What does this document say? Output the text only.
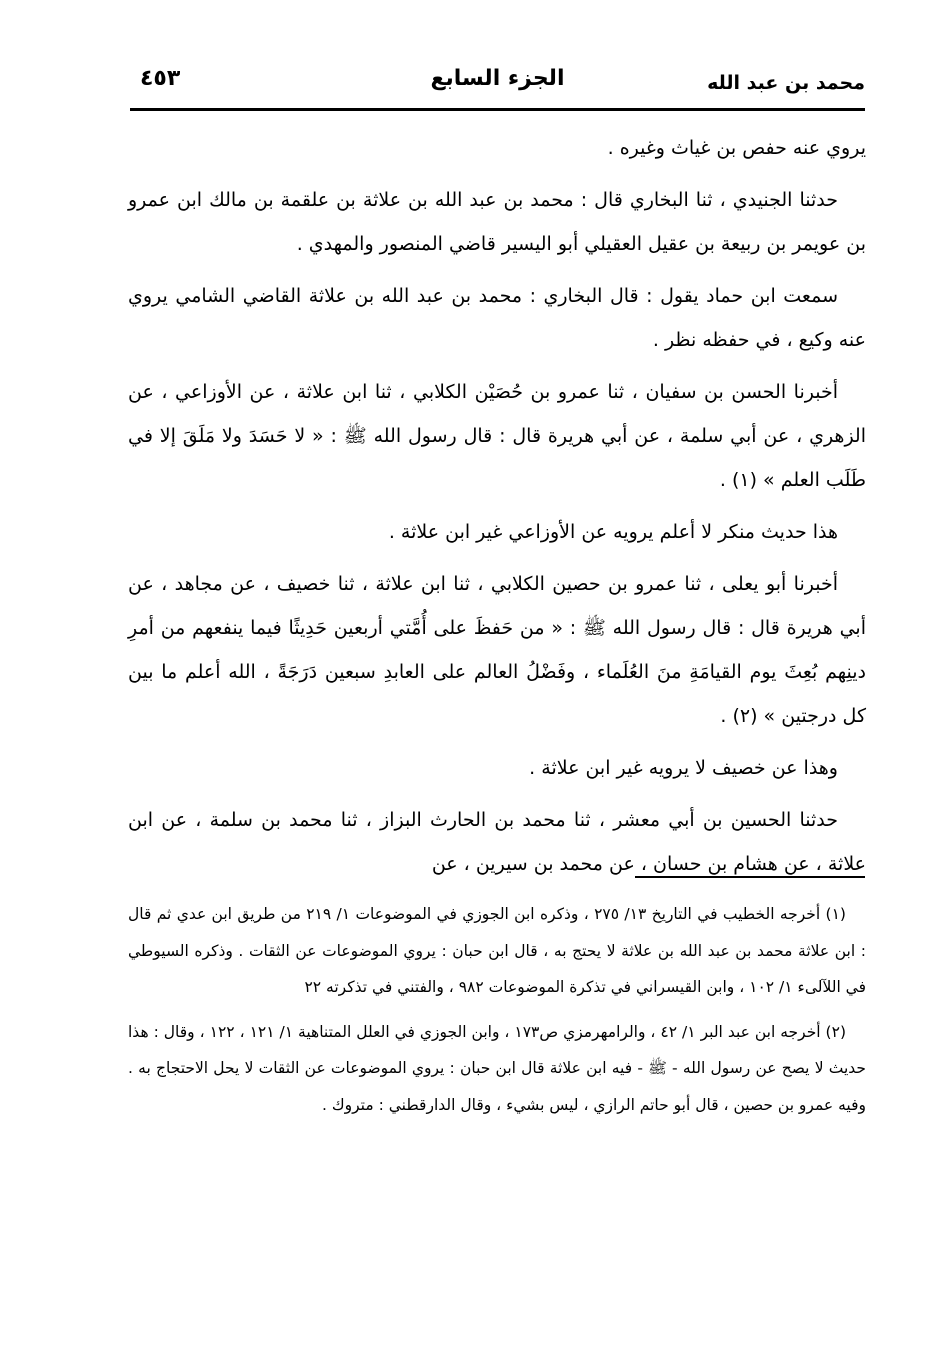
محمد بن عبد الله
الجزء السابع
٤٥٣

يروي عنه حفص بن غياث وغيره .

حدثنا الجنيدي ، ثنا البخاري قال : محمد بن عبد الله بن علاثة بن علقمة بن مالك ابن عمرو بن عويمر بن ربيعة بن عقيل العقيلي أبو اليسير قاضي المنصور والمهدي .

سمعت ابن حماد يقول : قال البخاري : محمد بن عبد الله بن علاثة القاضي الشامي يروي عنه وكيع ، في حفظه نظر .

أخبرنا الحسن بن سفيان ، ثنا عمرو بن حُصَيْن الكلابي ، ثنا ابن علاثة ، عن الأوزاعي ، عن الزهري ، عن أبي سلمة ، عن أبي هريرة قال : قال رسول الله ﷺ : « لا حَسَدَ ولا مَلَقَ إلا في طَلَب العلم » (١) .

هذا حديث منكر لا أعلم يرويه عن الأوزاعي غير ابن علاثة .

أخبرنا أبو يعلى ، ثنا عمرو بن حصين الكلابي ، ثنا ابن علاثة ، ثنا خصيف ، عن مجاهد ، عن أبي هريرة قال : قال رسول الله ﷺ : « من حَفظَ على أُمَّتي أربعين حَدِيثًا فيما ينفعهم من أمرِ دينِهم بُعِثَ يوم القيامَةِ منَ العُلَماء ، وفَضْلُ العالم على العابدِ سبعين دَرَجَةً ، الله أعلم ما بين كل درجتين » (٢) .

وهذا عن خصيف لا يرويه غير ابن علاثة .

حدثنا الحسين بن أبي معشر ، ثنا محمد بن الحارث البزاز ، ثنا محمد بن سلمة ، عن ابن علاثة ، عن هشام بن حسان ، عن محمد بن سيرين ، عن

(١) أخرجه الخطيب في التاريخ ١٣/ ٢٧٥ ، وذكره ابن الجوزي في الموضوعات ١/ ٢١٩ من طريق ابن عدي ثم قال : ابن علاثة محمد بن عبد الله بن علاثة لا يحتج به ، قال ابن حبان : يروي الموضوعات عن الثقات . وذكره السيوطي في اللآلىء ١/ ١٠٢ ، وابن القيسراني في تذكرة الموضوعات ٩٨٢ ، والفتني في تذكرته ٢٢

(٢) أخرجه ابن عبد البر ١/ ٤٢ ، والرامهرمزي ص١٧٣ ، وابن الجوزي في العلل المتناهية ١/ ١٢١ ، ١٢٢ ، وقال : هذا حديث لا يصح عن رسول الله - ﷺ - فيه ابن علاثة قال ابن حبان : يروي الموضوعات عن الثقات لا يحل الاحتجاج به . وفيه عمرو بن حصين ، قال أبو حاتم الرازي ، ليس بشيء ، وقال الدارقطني : متروك .
